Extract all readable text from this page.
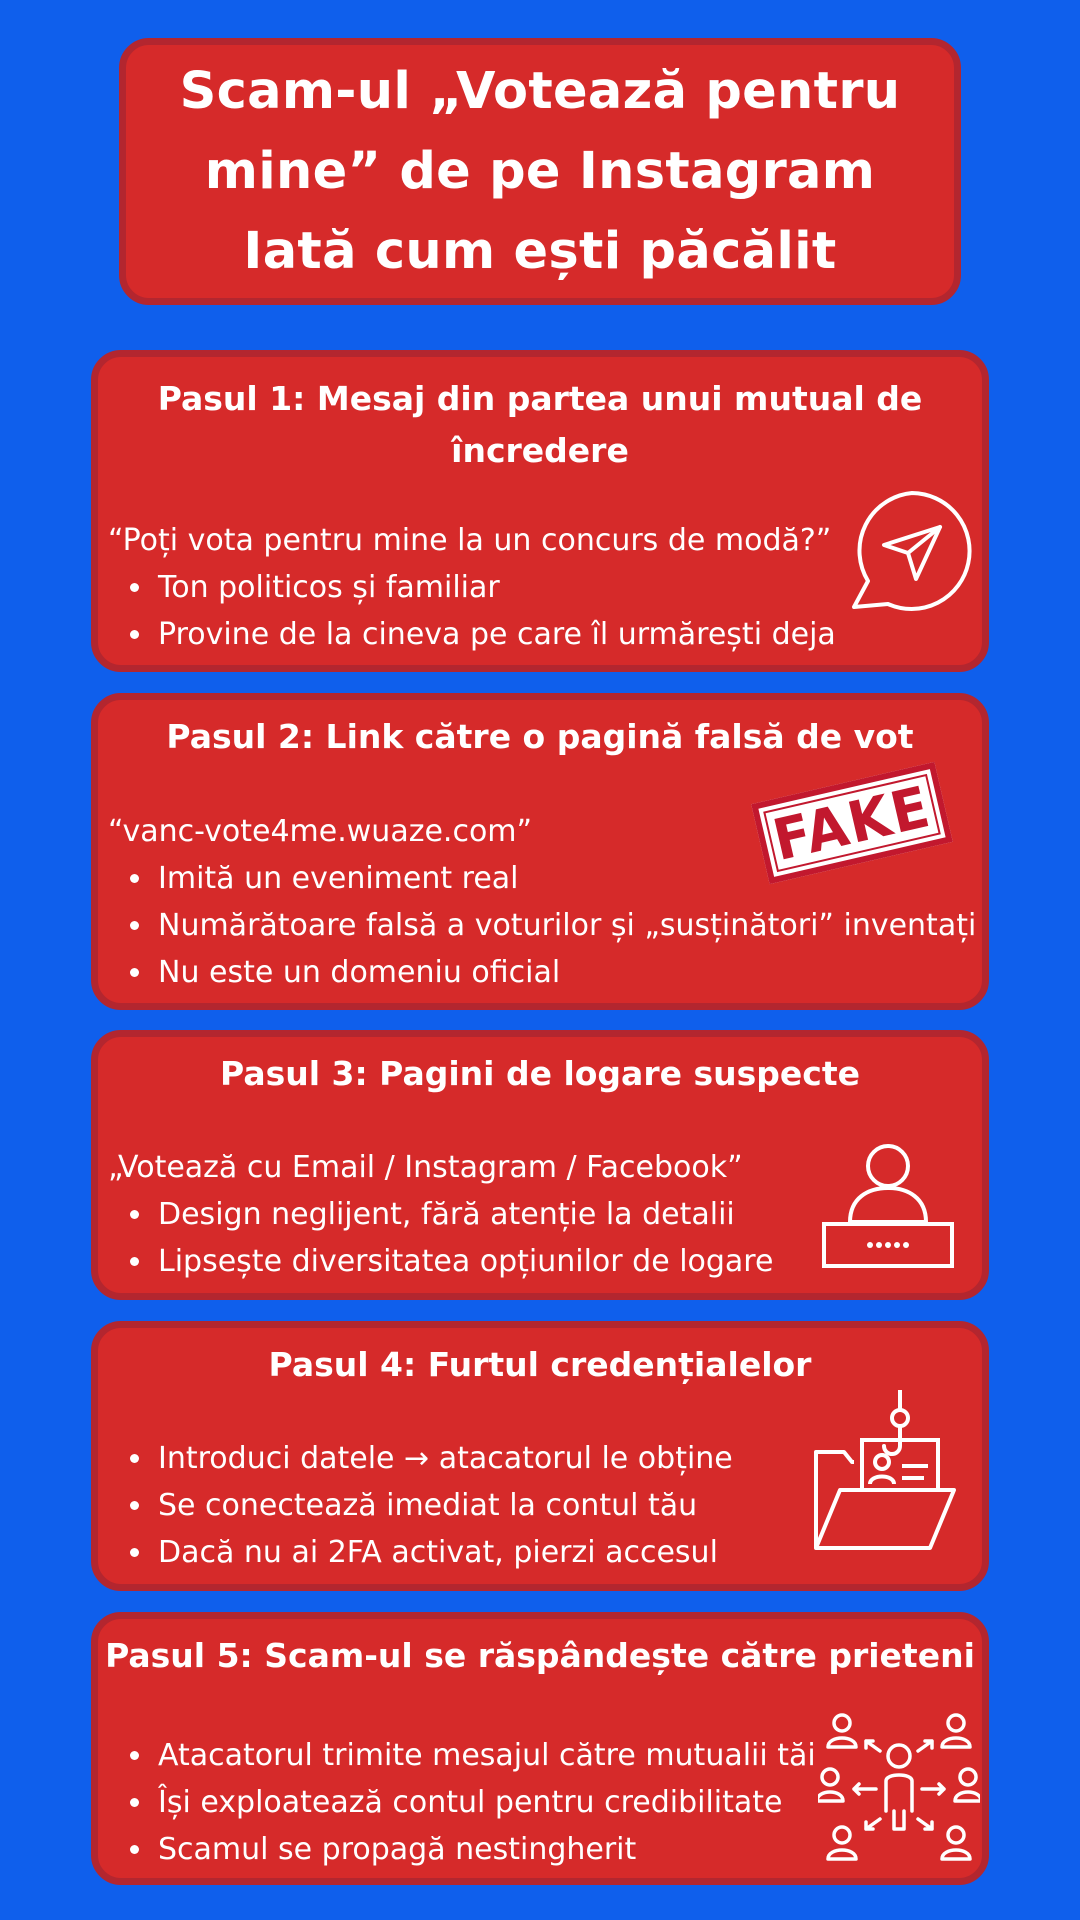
Scam-ul „Votează pentru
mine” de pe Instagram
Iată cum ești păcălit
Pasul 1: Mesaj din partea unui mutual de
încredere
“Poți vota pentru mine la un concurs de modă?”
Ton politicos și familiar
Provine de la cineva pe care îl urmărești deja
Pasul 2: Link către o pagină falsă de vot
“vanc-vote4me.wuaze.com”
Imită un eveniment real
Numărătoare falsă a voturilor și „susținători” inventați
Nu este un domeniu oficial
FAKE
Pasul 3: Pagini de logare suspecte
„Votează cu Email / Instagram / Facebook”
Design neglijent, fără atenție la detalii
Lipsește diversitatea opțiunilor de logare
Pasul 4: Furtul credențialelor
Introduci datele → atacatorul le obține
Se conectează imediat la contul tău
Dacă nu ai 2FA activat, pierzi accesul
Pasul 5: Scam-ul se răspândește către prieteni
Atacatorul trimite mesajul către mutualii tăi
Își exploatează contul pentru credibilitate
Scamul se propagă nestingherit
